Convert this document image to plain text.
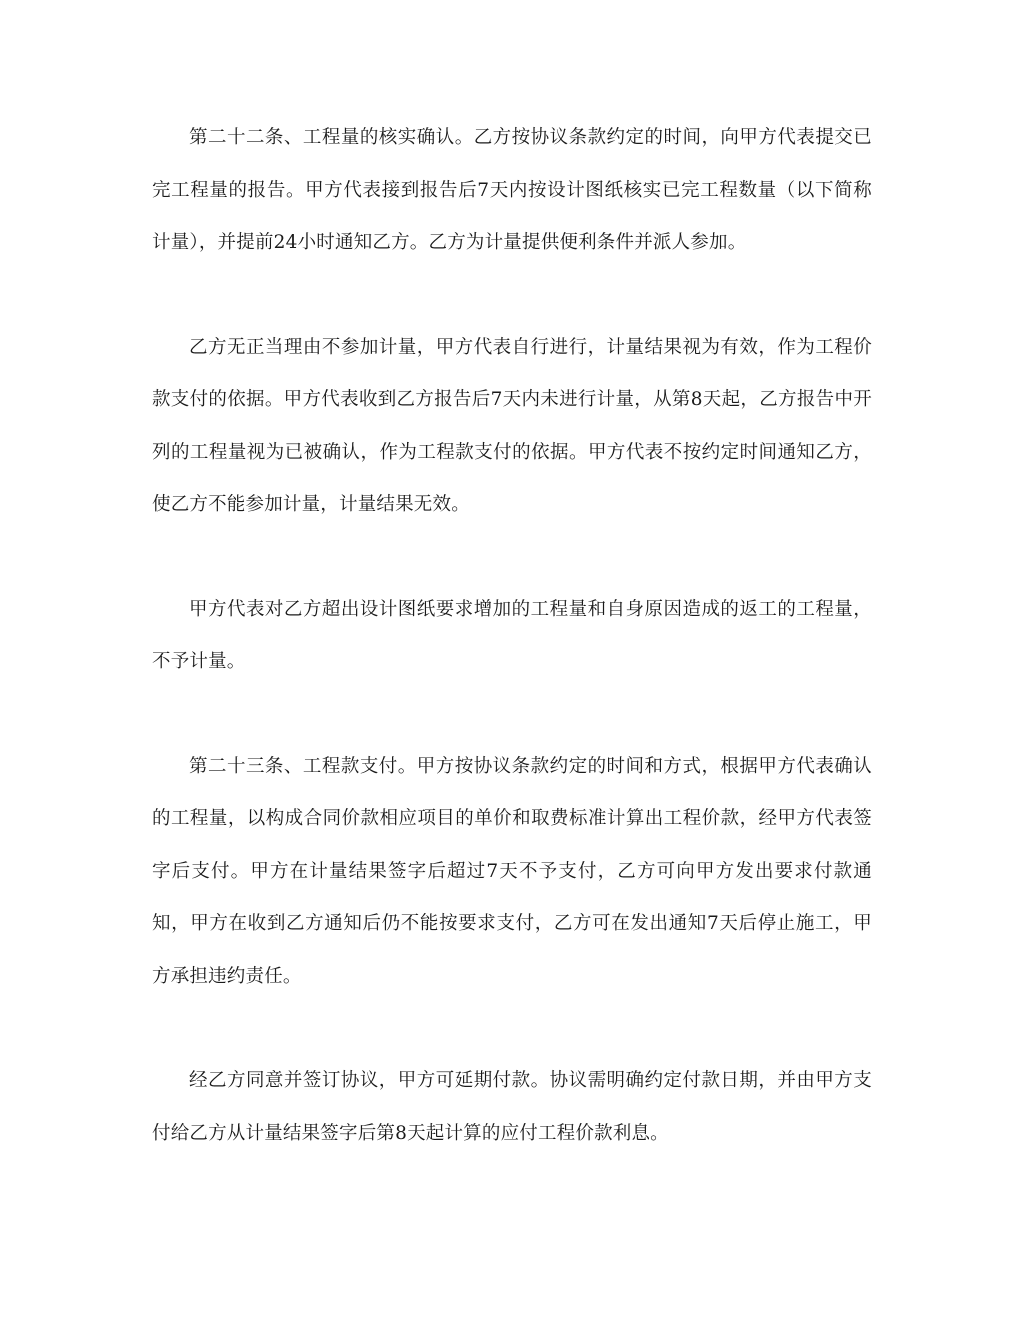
第二十二条、工程量的核实确认。乙方按协议条款约定的时间，向甲方代表提交已完工程量的报告。甲方代表接到报告后7天内按设计图纸核实已完工程数量（以下简称计量），并提前24小时通知乙方。乙方为计量提供便利条件并派人参加。

乙方无正当理由不参加计量，甲方代表自行进行，计量结果视为有效，作为工程价款支付的依据。甲方代表收到乙方报告后7天内未进行计量，从第8天起，乙方报告中开列的工程量视为已被确认，作为工程款支付的依据。甲方代表不按约定时间通知乙方，使乙方不能参加计量，计量结果无效。

甲方代表对乙方超出设计图纸要求增加的工程量和自身原因造成的返工的工程量，不予计量。

第二十三条、工程款支付。甲方按协议条款约定的时间和方式，根据甲方代表确认的工程量，以构成合同价款相应项目的单价和取费标准计算出工程价款，经甲方代表签字后支付。甲方在计量结果签字后超过7天不予支付，乙方可向甲方发出要求付款通知，甲方在收到乙方通知后仍不能按要求支付，乙方可在发出通知7天后停止施工，甲方承担违约责任。

经乙方同意并签订协议，甲方可延期付款。协议需明确约定付款日期，并由甲方支付给乙方从计量结果签字后第8天起计算的应付工程价款利息。
